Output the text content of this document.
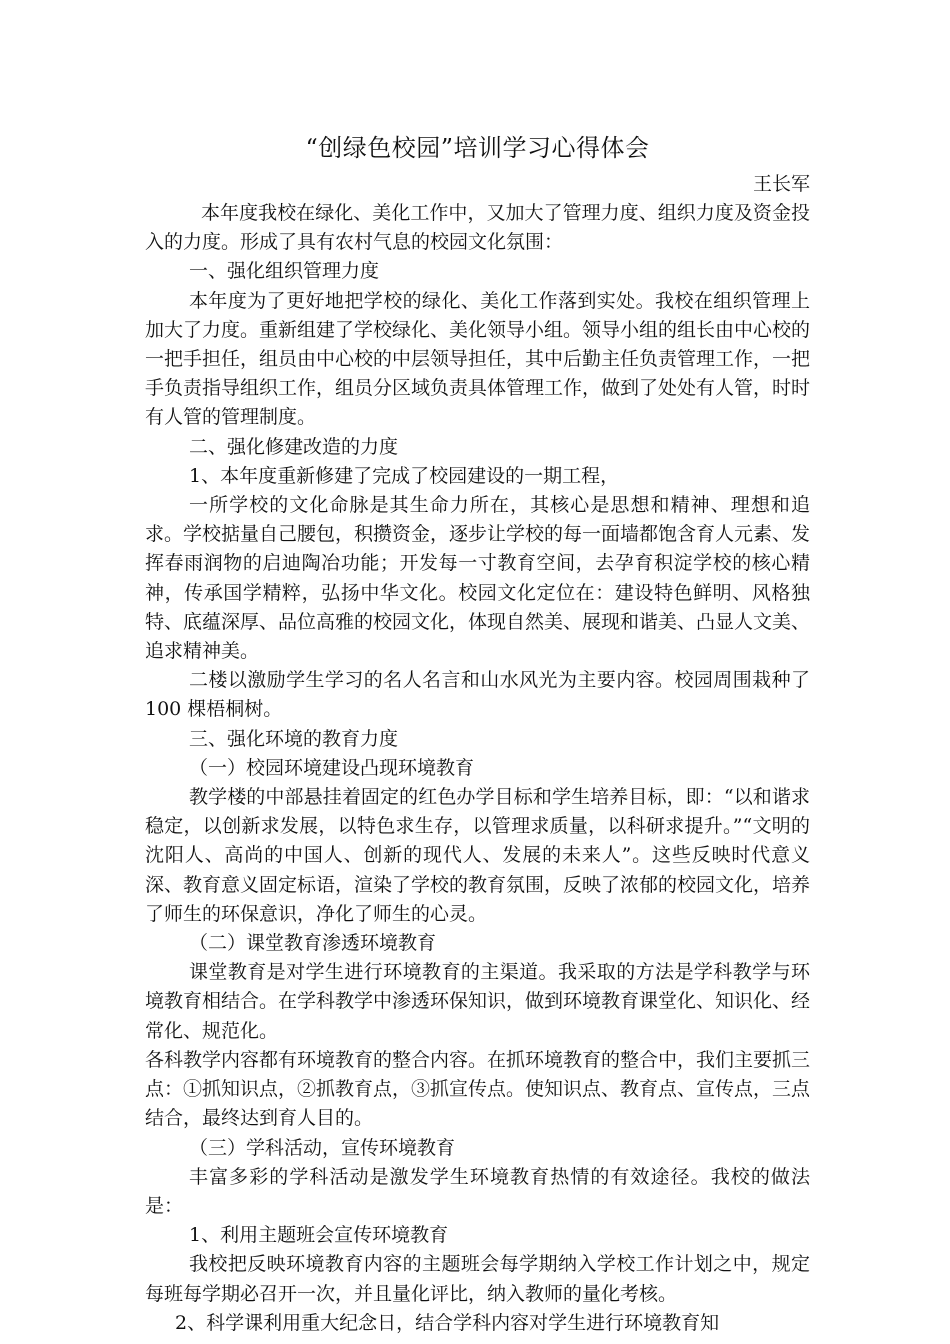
“创绿色校园”培训学习心得体会

王长军

本年度我校在绿化、美化工作中，又加大了管理力度、组织力度及资金投入的力度。形成了具有农村气息的校园文化氛围：

一、强化组织管理力度

本年度为了更好地把学校的绿化、美化工作落到实处。我校在组织管理上加大了力度。重新组建了学校绿化、美化领导小组。领导小组的组长由中心校的一把手担任，组员由中心校的中层领导担任，其中后勤主任负责管理工作，一把手负责指导组织工作，组员分区域负责具体管理工作，做到了处处有人管，时时有人管的管理制度。

二、强化修建改造的力度

1、本年度重新修建了完成了校园建设的一期工程，

一所学校的文化命脉是其生命力所在，其核心是思想和精神、理想和追求。学校掂量自己腰包，积攒资金，逐步让学校的每一面墙都饱含育人元素、发挥春雨润物的启迪陶冶功能；开发每一寸教育空间，去孕育积淀学校的核心精神，传承国学精粹，弘扬中华文化。校园文化定位在：建设特色鲜明、风格独特、底蕴深厚、品位高雅的校园文化，体现自然美、展现和谐美、凸显人文美、追求精神美。

二楼以激励学生学习的名人名言和山水风光为主要内容。校园周围栽种了 100 棵梧桐树。

三、强化环境的教育力度

（一）校园环境建设凸现环境教育

教学楼的中部悬挂着固定的红色办学目标和学生培养目标，即：“以和谐求稳定，以创新求发展，以特色求生存，以管理求质量，以科研求提升。”“文明的沈阳人、高尚的中国人、创新的现代人、发展的未来人”。这些反映时代意义深、教育意义固定标语，渲染了学校的教育氛围，反映了浓郁的校园文化，培养了师生的环保意识，净化了师生的心灵。

（二）课堂教育渗透环境教育

课堂教育是对学生进行环境教育的主渠道。我采取的方法是学科教学与环境教育相结合。在学科教学中渗透环保知识，做到环境教育课堂化、知识化、经常化、规范化。

各科教学内容都有环境教育的整合内容。在抓环境教育的整合中，我们主要抓三点：①抓知识点，②抓教育点，③抓宣传点。使知识点、教育点、宣传点，三点结合，最终达到育人目的。

（三）学科活动，宣传环境教育

丰富多彩的学科活动是激发学生环境教育热情的有效途径。我校的做法是：

1、利用主题班会宣传环境教育

我校把反映环境教育内容的主题班会每学期纳入学校工作计划之中，规定每班每学期必召开一次，并且量化评比，纳入教师的量化考核。

2、科学课利用重大纪念日，结合学科内容对学生进行环境教育知
